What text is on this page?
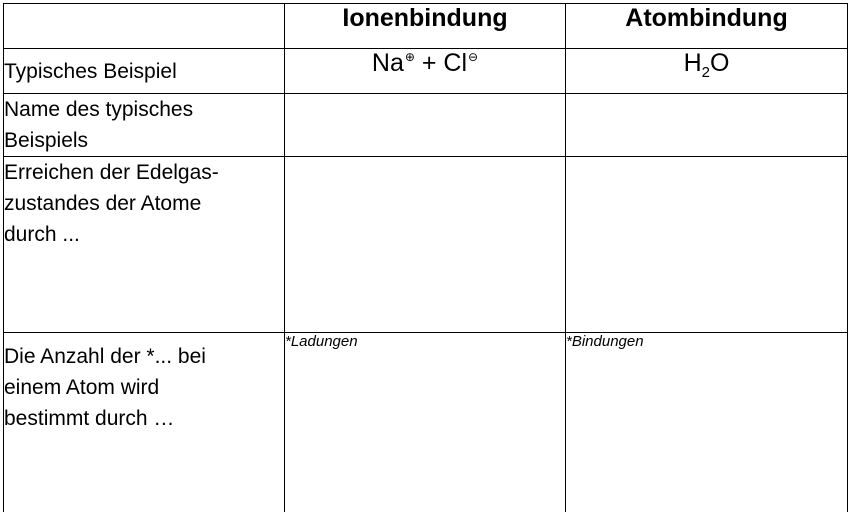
	Ionenbindung	Atombindung
Typisches Beispiel	Na⊕ + Cl⊖	$H_2O$

Name des typisches
Beispiels		

Erreichen der Edelgas-
zustandes der Atome
durch ...		

Die Anzahl der *... bei
einem Atom wird
bestimmt durch …	*Ladungen	*Bindungen
